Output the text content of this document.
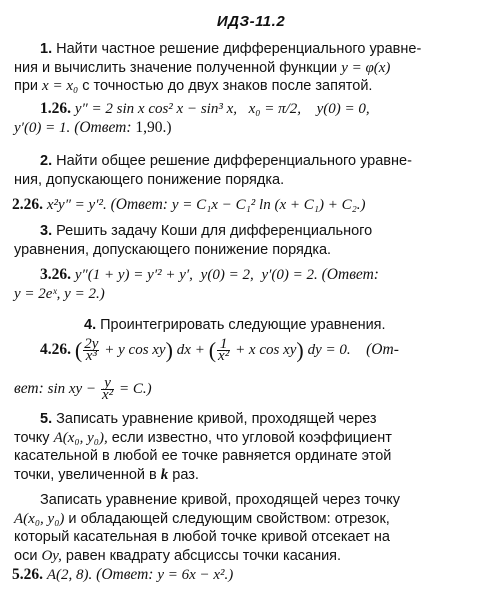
ИДЗ-11.2
1. Найти частное решение дифференциального уравне-
ния и вычислить значение полученной функции y = φ(x)
при x = x₀ с точностью до двух знаков после запятой.
1.26. y″ = 2 sin x cos² x − sin³ x, x₀ = π/2, y(0) = 0,
y′(0) = 1. (Ответ: 1,90.)
2. Найти общее решение дифференциального уравне-
ния, допускающего понижение порядка.
2.26. x²y″ = y′². (Ответ: y = C₁x − C₁² ln (x + C₁) + C₂.)
3. Решить задачу Коши для дифференциального
уравнения, допускающего понижение порядка.
3.26. y″(1 + y) = y′² + y′, y(0) = 2, y′(0) = 2. (Ответ:
y = 2eˣ, y = 2.)
4. Проинтегрировать следующие уравнения.
4.26. ( $\frac{2y}{\text{x³}} + y$ cos xy) dx + ( $\frac{1}{\text{x²}} + x$ cos xy) dy = 0. (От-
вет: sin xy − $\frac{y}{\text{x²}} = C$.)
5. Записать уравнение кривой, проходящей через
точку A(x₀, y₀), если известно, что угловой коэффициент
касательной в любой ее точке равняется ординате этой
точки, увеличенной в k раз.
Записать уравнение кривой, проходящей через точку
A(x₀, y₀) и обладающей следующим свойством: отрезок,
который касательная в любой точке кривой отсекает на
оси Oy, равен квадрату абсциссы точки касания.
5.26. A(2, 8). (Ответ: y = 6x − x².)
